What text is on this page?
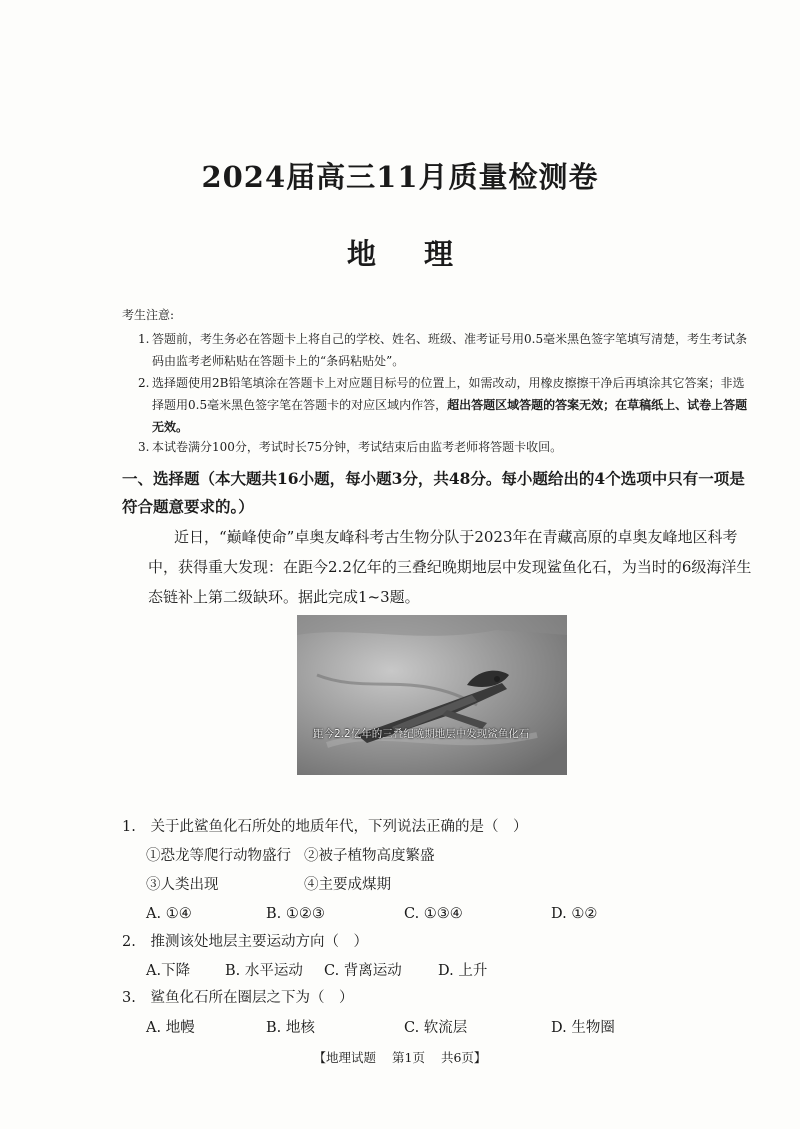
2024届高三11月质量检测卷
地理
考生注意:
1. 答题前，考生务必在答题卡上将自己的学校、姓名、班级、准考证号用0.5毫米黑色签字笔填写清楚，考生考试条码由监考老师粘贴在答题卡上的“条码粘贴处”。
2. 选择题使用2B铅笔填涂在答题卡上对应题目标号的位置上，如需改动，用橡皮擦擦干净后再填涂其它答案；非选择题用0.5毫米黑色签字笔在答题卡的对应区域内作答，超出答题区域答题的答案无效；在草稿纸上、试卷上答题无效。
3. 本试卷满分100分，考试时长75分钟，考试结束后由监考老师将答题卡收回。
一、选择题（本大题共16小题，每小题3分，共48分。每小题给出的4个选项中只有一项是符合题意要求的。）

近日，“巅峰使命”卓奥友峰科考古生物分队于2023年在青藏高原的卓奥友峰地区科考中，获得重大发现：在距今2.2亿年的三叠纪晚期地层中发现鲨鱼化石，为当时的6级海洋生态链补上第二级缺环。据此完成1~3题。

距今2.2亿年的三叠纪晚期地层中发现鲨鱼化石
1. 关于此鲨鱼化石所处的地质年代，下列说法正确的是（　）
①恐龙等爬行动物盛行 ②被子植物高度繁盛
③人类出现	④主要成煤期
A. ①④	B. ①②③	C. ①③④	D. ①②
2. 推测该处地层主要运动方向（　）
A.下降 B. 水平运动 C. 背离运动 D. 上升
3. 鲨鱼化石所在圈层之下为（　）
A. 地幔	B. 地核	C. 软流层	D. 生物圈
【地理试题 第1页 共6页】
